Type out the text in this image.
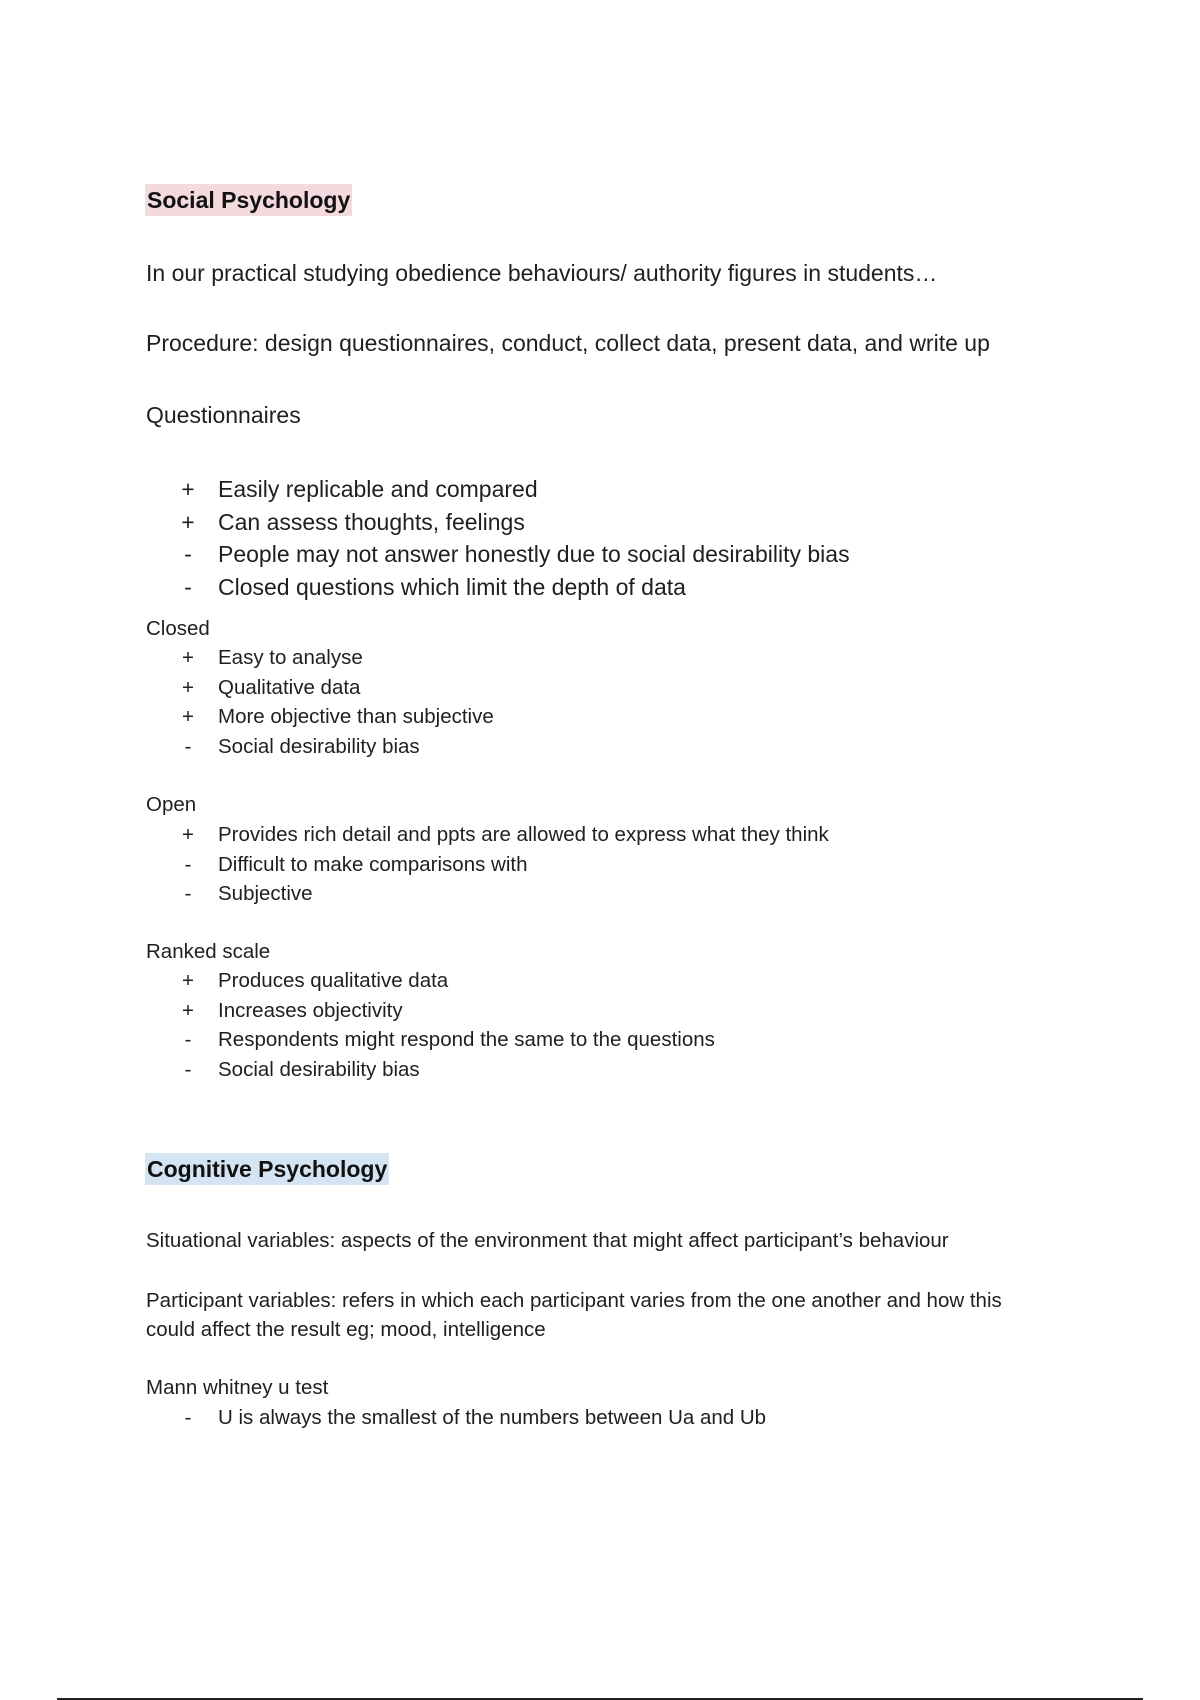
Social Psychology
In our practical studying obedience behaviours/ authority figures in students…
Procedure: design questionnaires, conduct, collect data, present data, and write up
Questionnaires
+ Easily replicable and compared
+ Can assess thoughts, feelings
- People may not answer honestly due to social desirability bias
- Closed questions which limit the depth of data
Closed
+ Easy to analyse
+ Qualitative data
+ More objective than subjective
- Social desirability bias
Open
+ Provides rich detail and ppts are allowed to express what they think
- Difficult to make comparisons with
- Subjective
Ranked scale
+ Produces qualitative data
+ Increases objectivity
- Respondents might respond the same to the questions
- Social desirability bias
Cognitive Psychology
Situational variables: aspects of the environment that might affect participant’s behaviour
Participant variables: refers in which each participant varies from the one another and how this
could affect the result eg; mood, intelligence
Mann whitney u test
- U is always the smallest of the numbers between Ua and Ub
